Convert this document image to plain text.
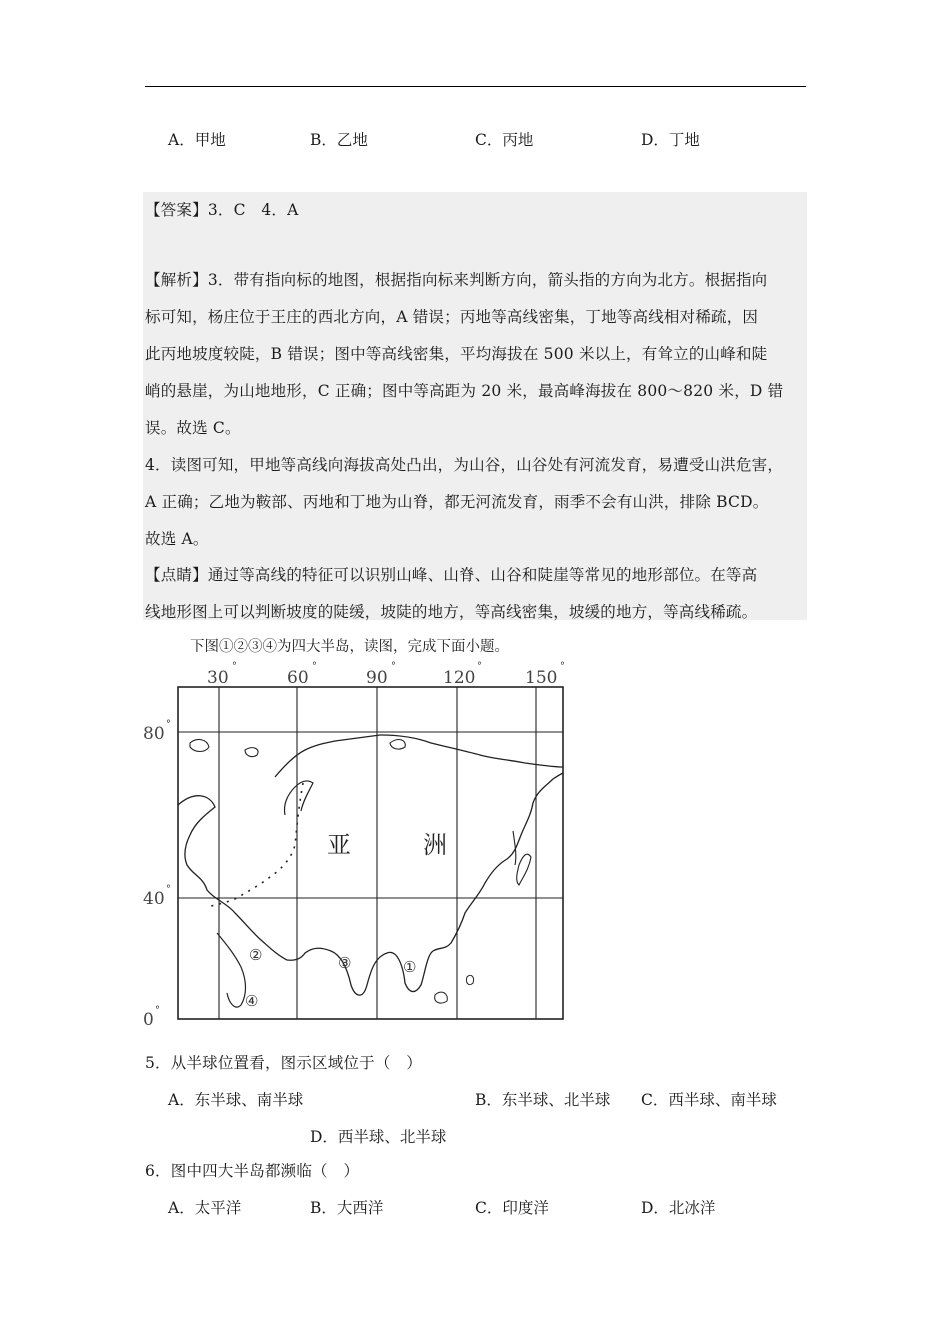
A．甲地	B．乙地	C．丙地	D．丁地
【答案】3．C　4．A
【解析】3．带有指向标的地图，根据指向标来判断方向，箭头指的方向为北方。根据指向
标可知，杨庄位于王庄的西北方向，A 错误；丙地等高线密集，丁地等高线相对稀疏，因
此丙地坡度较陡，B 错误；图中等高线密集，平均海拔在 500 米以上，有耸立的山峰和陡
峭的悬崖，为山地地形，C 正确；图中等高距为 20 米，最高峰海拔在 800～820 米，D 错
误。故选 C。
4．读图可知，甲地等高线向海拔高处凸出，为山谷，山谷处有河流发育，易遭受山洪危害，
A 正确；乙地为鞍部、丙地和丁地为山脊，都无河流发育，雨季不会有山洪，排除 BCD。
故选 A。
【点睛】通过等高线的特征可以识别山峰、山脊、山谷和陡崖等常见的地形部位。在等高
线地形图上可以判断坡度的陡缓，坡陡的地方，等高线密集，坡缓的地方，等高线稀疏。
下图①②③④为四大半岛，读图，完成下面小题。
30
°
60
°
90
°
120
°
150
°
80 °
40 °
0 °
亚	洲
①
②	③
④
5．从半球位置看，图示区域位于（　）
A．东半球、南半球	B．东半球、北半球 C．西半球、南半球
D．西半球、北半球
6．图中四大半岛都濒临（　）
A．太平洋	B．大西洋	C．印度洋	D．北冰洋
